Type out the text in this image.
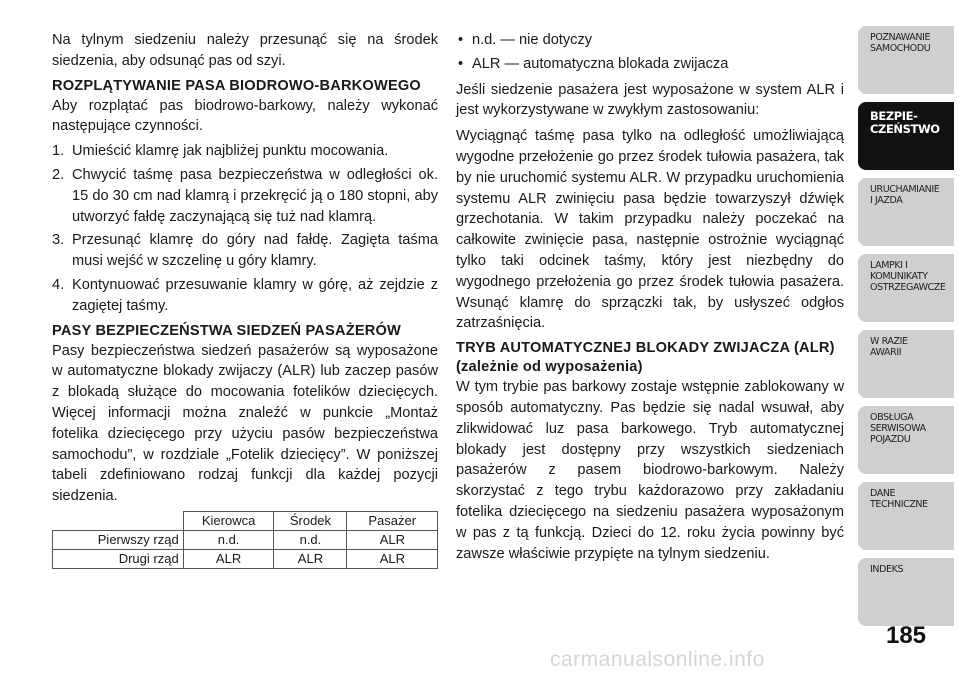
Na tylnym siedzeniu należy przesunąć się na środek siedzenia, aby odsunąć pas od szyi.

ROZPLĄTYWANIE PASA BIODROWO-BARKOWEGO

Aby rozplątać pas biodrowo-barkowy, należy wykonać następujące czynności.

1. Umieścić klamrę jak najbliżej punktu mocowania.
2. Chwycić taśmę pasa bezpieczeństwa w odległości ok. 15 do 30 cm nad klamrą i przekręcić ją o 180 stopni, aby utworzyć fałdę zaczynającą się tuż nad klamrą.
3. Przesunąć klamrę do góry nad fałdę. Zagięta taśma musi wejść w szczelinę u góry klamry.
4. Kontynuować przesuwanie klamry w górę, aż zejdzie z zagiętej taśmy.
PASY BEZPIECZEŃSTWA SIEDZEŃ PASAŻERÓW

Pasy bezpieczeństwa siedzeń pasażerów są wyposażone w automatyczne blokady zwijaczy (ALR) lub zaczep pasów z blokadą służące do mocowania fotelików dziecięcych. Więcej informacji można znaleźć w punkcie „Montaż fotelika dziecięcego przy użyciu pasów bezpieczeństwa samochodu”, w rozdziale „Fotelik dziecięcy”. W poniższej tabeli zdefiniowano rodzaj funkcji dla każdej pozycji siedzenia.

	Kierowca	Środek	Pasażer
Pierwszy rząd	n.d.	n.d.	ALR
Drugi rząd	ALR	ALR	ALR
• n.d. — nie dotyczy
• ALR — automatyczna blokada zwijacza

Jeśli siedzenie pasażera jest wyposażone w system ALR i jest wykorzystywane w zwykłym zastosowaniu:

Wyciągnąć taśmę pasa tylko na odległość umożliwiającą wygodne przełożenie go przez środek tułowia pasażera, tak by nie uruchomić systemu ALR. W przypadku uruchomienia systemu ALR zwinięciu pasa będzie towarzyszył dźwięk grzechotania. W takim przypadku należy poczekać na całkowite zwinięcie pasa, następnie ostrożnie wyciągnąć tylko taki odcinek taśmy, który jest niezbędny do wygodnego przełożenia go przez środek tułowia pasażera. Wsunąć klamrę do sprzączki tak, by usłyszeć odgłos zatrzaśnięcia.

TRYB AUTOMATYCZNEJ BLOKADY ZWIJACZA (ALR) (zależnie od wyposażenia)

W tym trybie pas barkowy zostaje wstępnie zablokowany w sposób automatyczny. Pas będzie się nadal wsuwał, aby zlikwidować luz pasa barkowego. Tryb automatycznej blokady jest dostępny przy wszystkich siedzeniach pasażerów z pasem biodrowo-barkowym. Należy skorzystać z tego trybu każdorazowo przy zakładaniu fotelika dziecięcego na siedzeniu pasażera wyposażonym w pas z tą funkcją. Dzieci do 12. roku życia powinny być zawsze właściwie przypięte na tylnym siedzeniu.

POZNAWANIE
SAMOCHODU
BEZPIE-
CZEŃSTWO
URUCHAMIANIE
I JAZDA
LAMPKI I
KOMUNIKATY
OSTRZEGAWCZE
W RAZIE
AWARII
OBSŁUGA
SERWISOWA
POJAZDU
DANE
TECHNICZNE
INDEKS
185
carmanualsonline.info
